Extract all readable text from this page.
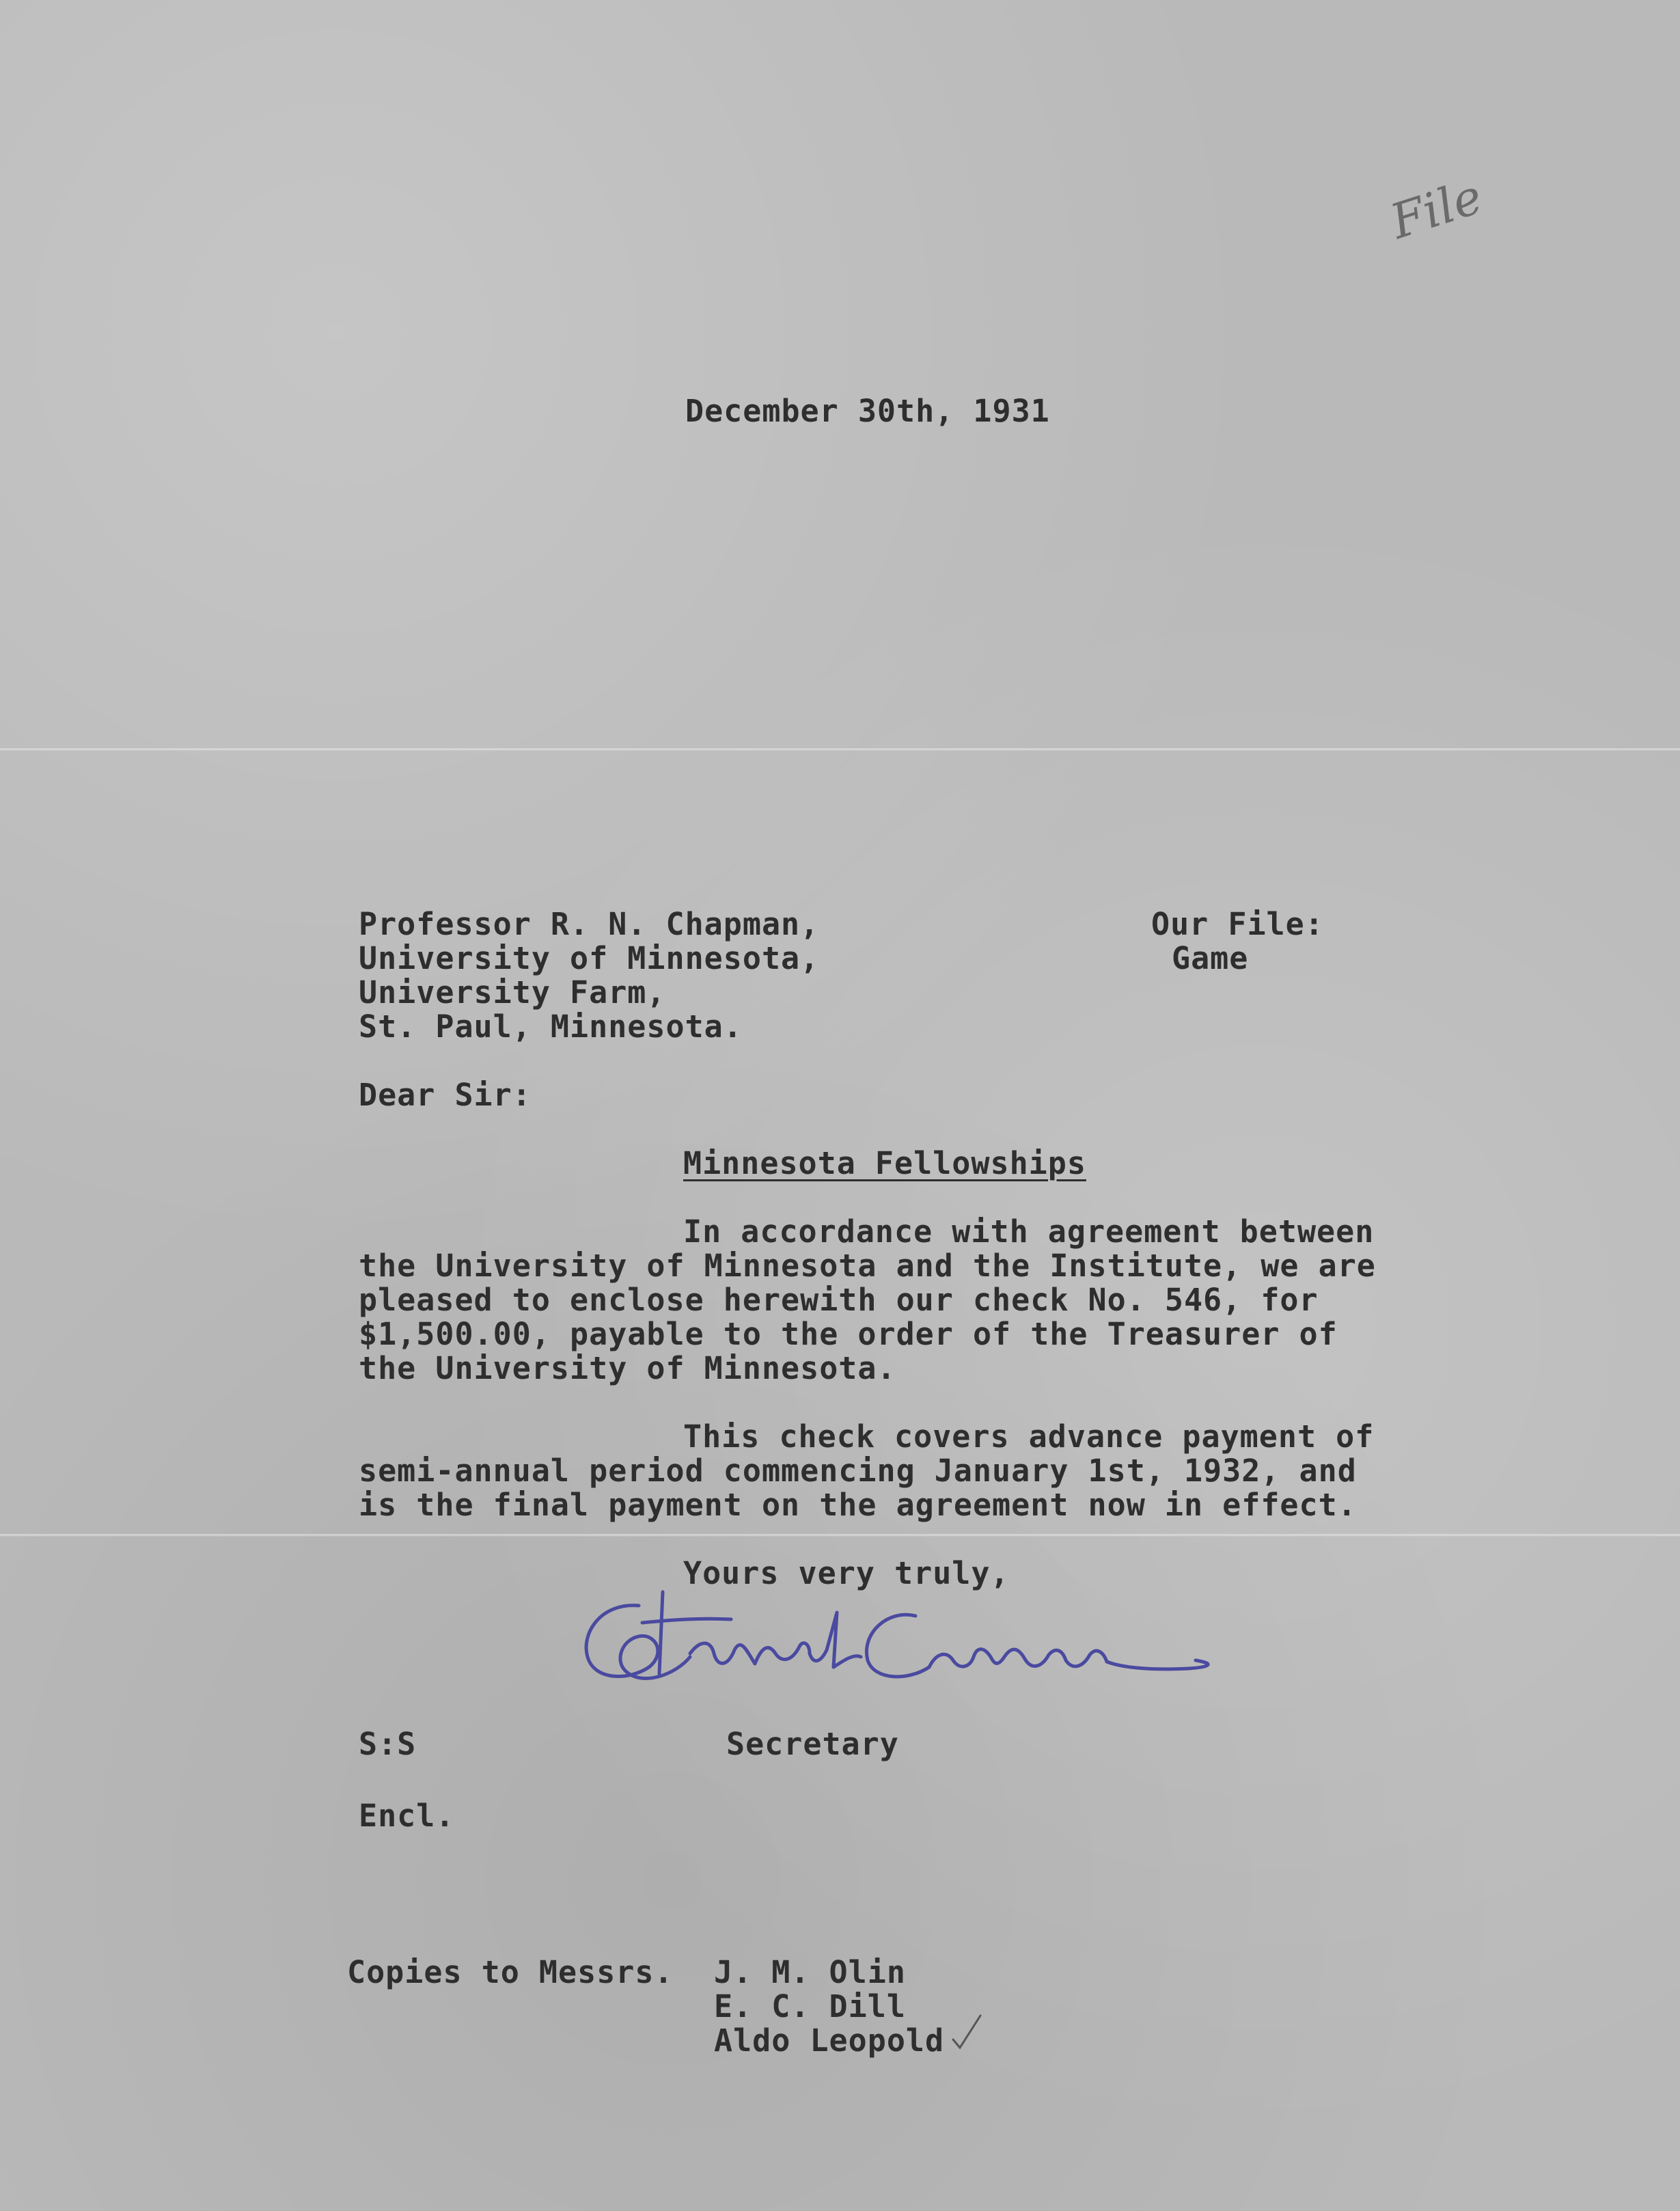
File
December 30th, 1931
Professor R. N. Chapman,
University of Minnesota,
University Farm,
St. Paul, Minnesota.
Our File:
Game
Dear Sir:
Minnesota Fellowships
In accordance with agreement between
the University of Minnesota and the Institute, we are
pleased to enclose herewith our check No. 546, for
$1,500.00, payable to the order of the Treasurer of
the University of Minnesota.
This check covers advance payment of
semi-annual period commencing January 1st, 1932, and
is the final payment on the agreement now in effect.
Yours very truly,
S:S	Secretary
Encl.
Copies to Messrs. J. M. Olin
E. C. Dill
Aldo Leopold
